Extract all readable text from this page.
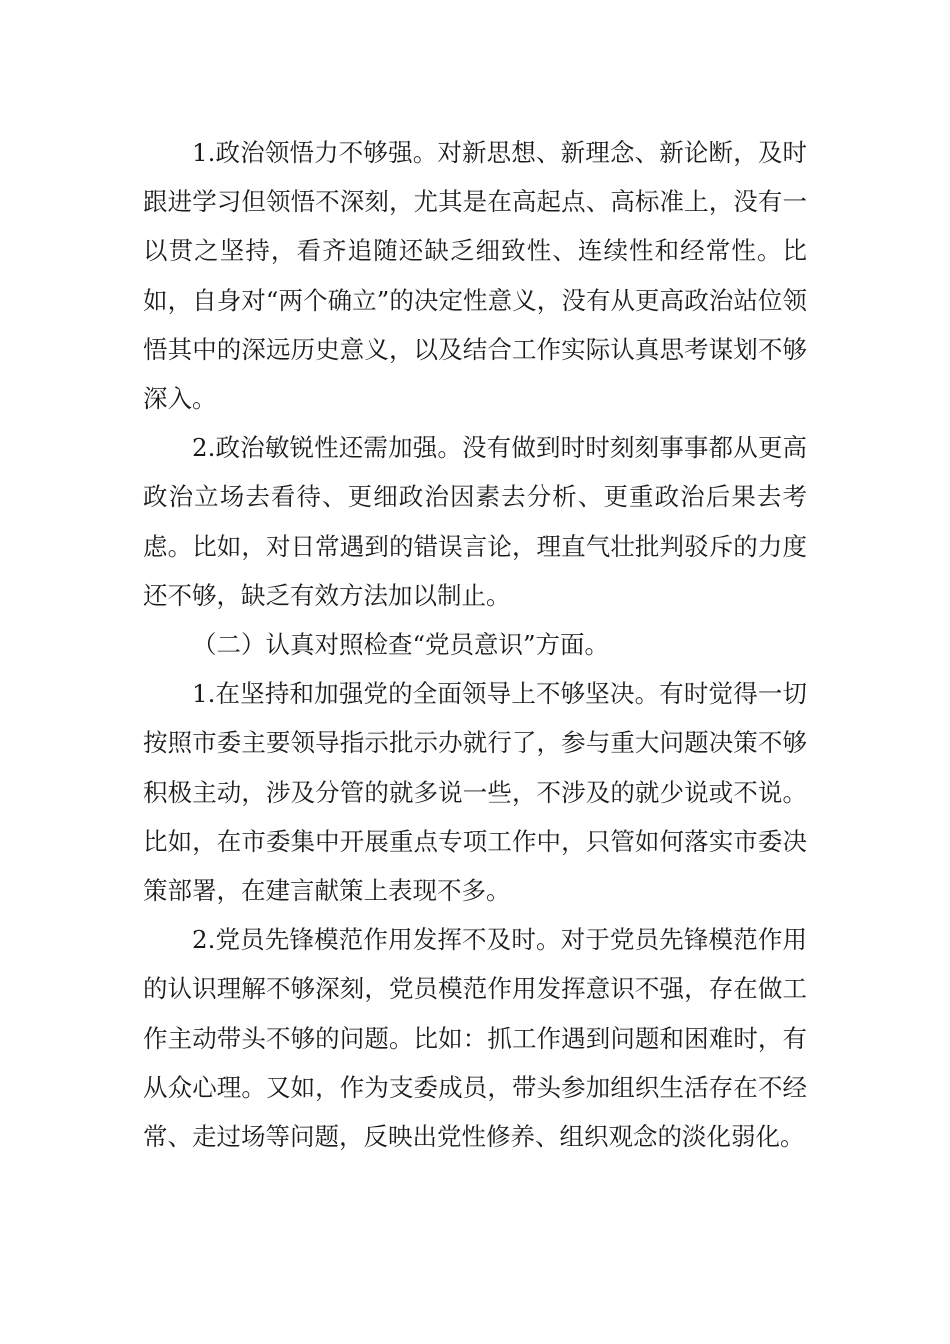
1.政治领悟力不够强。对新思想、新理念、新论断，及时跟进学习但领悟不深刻，尤其是在高起点、高标准上，没有一以贯之坚持，看齐追随还缺乏细致性、连续性和经常性。比如，自身对“两个确立”的决定性意义，没有从更高政治站位领悟其中的深远历史意义，以及结合工作实际认真思考谋划不够深入。

2.政治敏锐性还需加强。没有做到时时刻刻事事都从更高政治立场去看待、更细政治因素去分析、更重政治后果去考虑。比如，对日常遇到的错误言论，理直气壮批判驳斥的力度还不够，缺乏有效方法加以制止。

（二）认真对照检查“党员意识”方面。

1.在坚持和加强党的全面领导上不够坚决。有时觉得一切按照市委主要领导指示批示办就行了，参与重大问题决策不够积极主动，涉及分管的就多说一些，不涉及的就少说或不说。比如，在市委集中开展重点专项工作中，只管如何落实市委决策部署，在建言献策上表现不多。

2.党员先锋模范作用发挥不及时。对于党员先锋模范作用的认识理解不够深刻，党员模范作用发挥意识不强，存在做工作主动带头不够的问题。比如：抓工作遇到问题和困难时，有从众心理。又如，作为支委成员，带头参加组织生活存在不经常、走过场等问题，反映出党性修养、组织观念的淡化弱化。
